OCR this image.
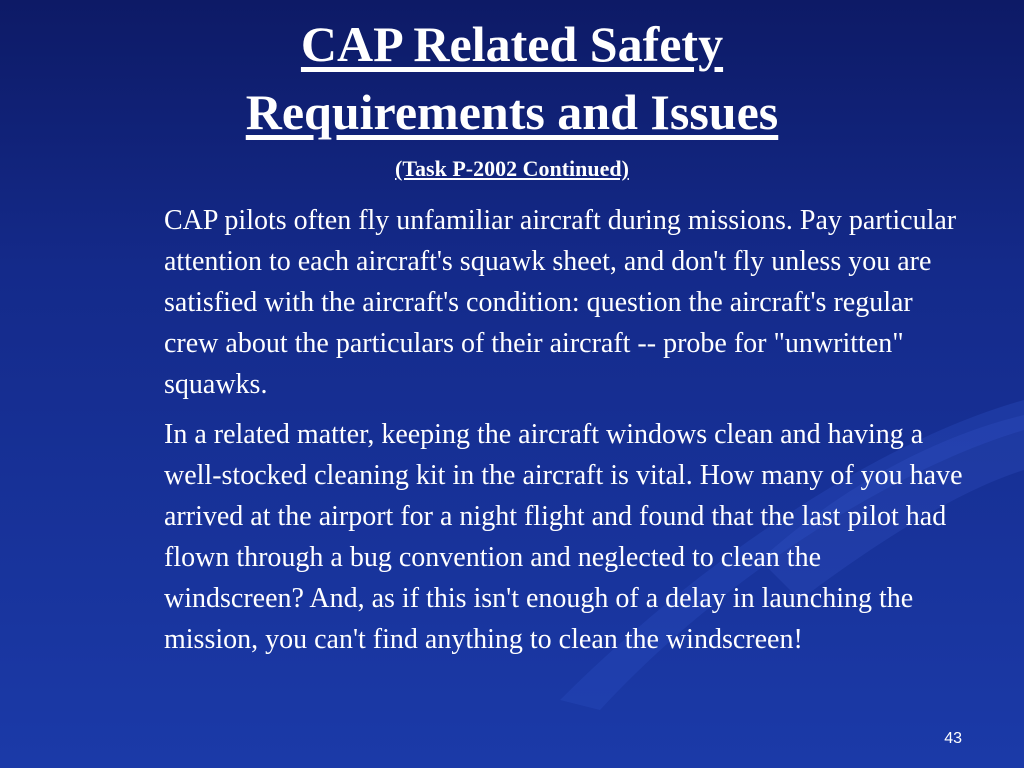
CAP Related Safety
Requirements and Issues
(Task P-2002 Continued)

CAP pilots often fly unfamiliar aircraft during missions. Pay particular attention to each aircraft's squawk sheet, and don't fly unless you are satisfied with the aircraft's condition: question the aircraft's regular crew about the particulars of their aircraft -- probe for "unwritten" squawks.

In a related matter, keeping the aircraft windows clean and having a well-stocked cleaning kit in the aircraft is vital. How many of you have arrived at the airport for a night flight and found that the last pilot had flown through a bug convention and neglected to clean the windscreen? And, as if this isn't enough of a delay in launching the mission, you can't find anything to clean the windscreen!

43
